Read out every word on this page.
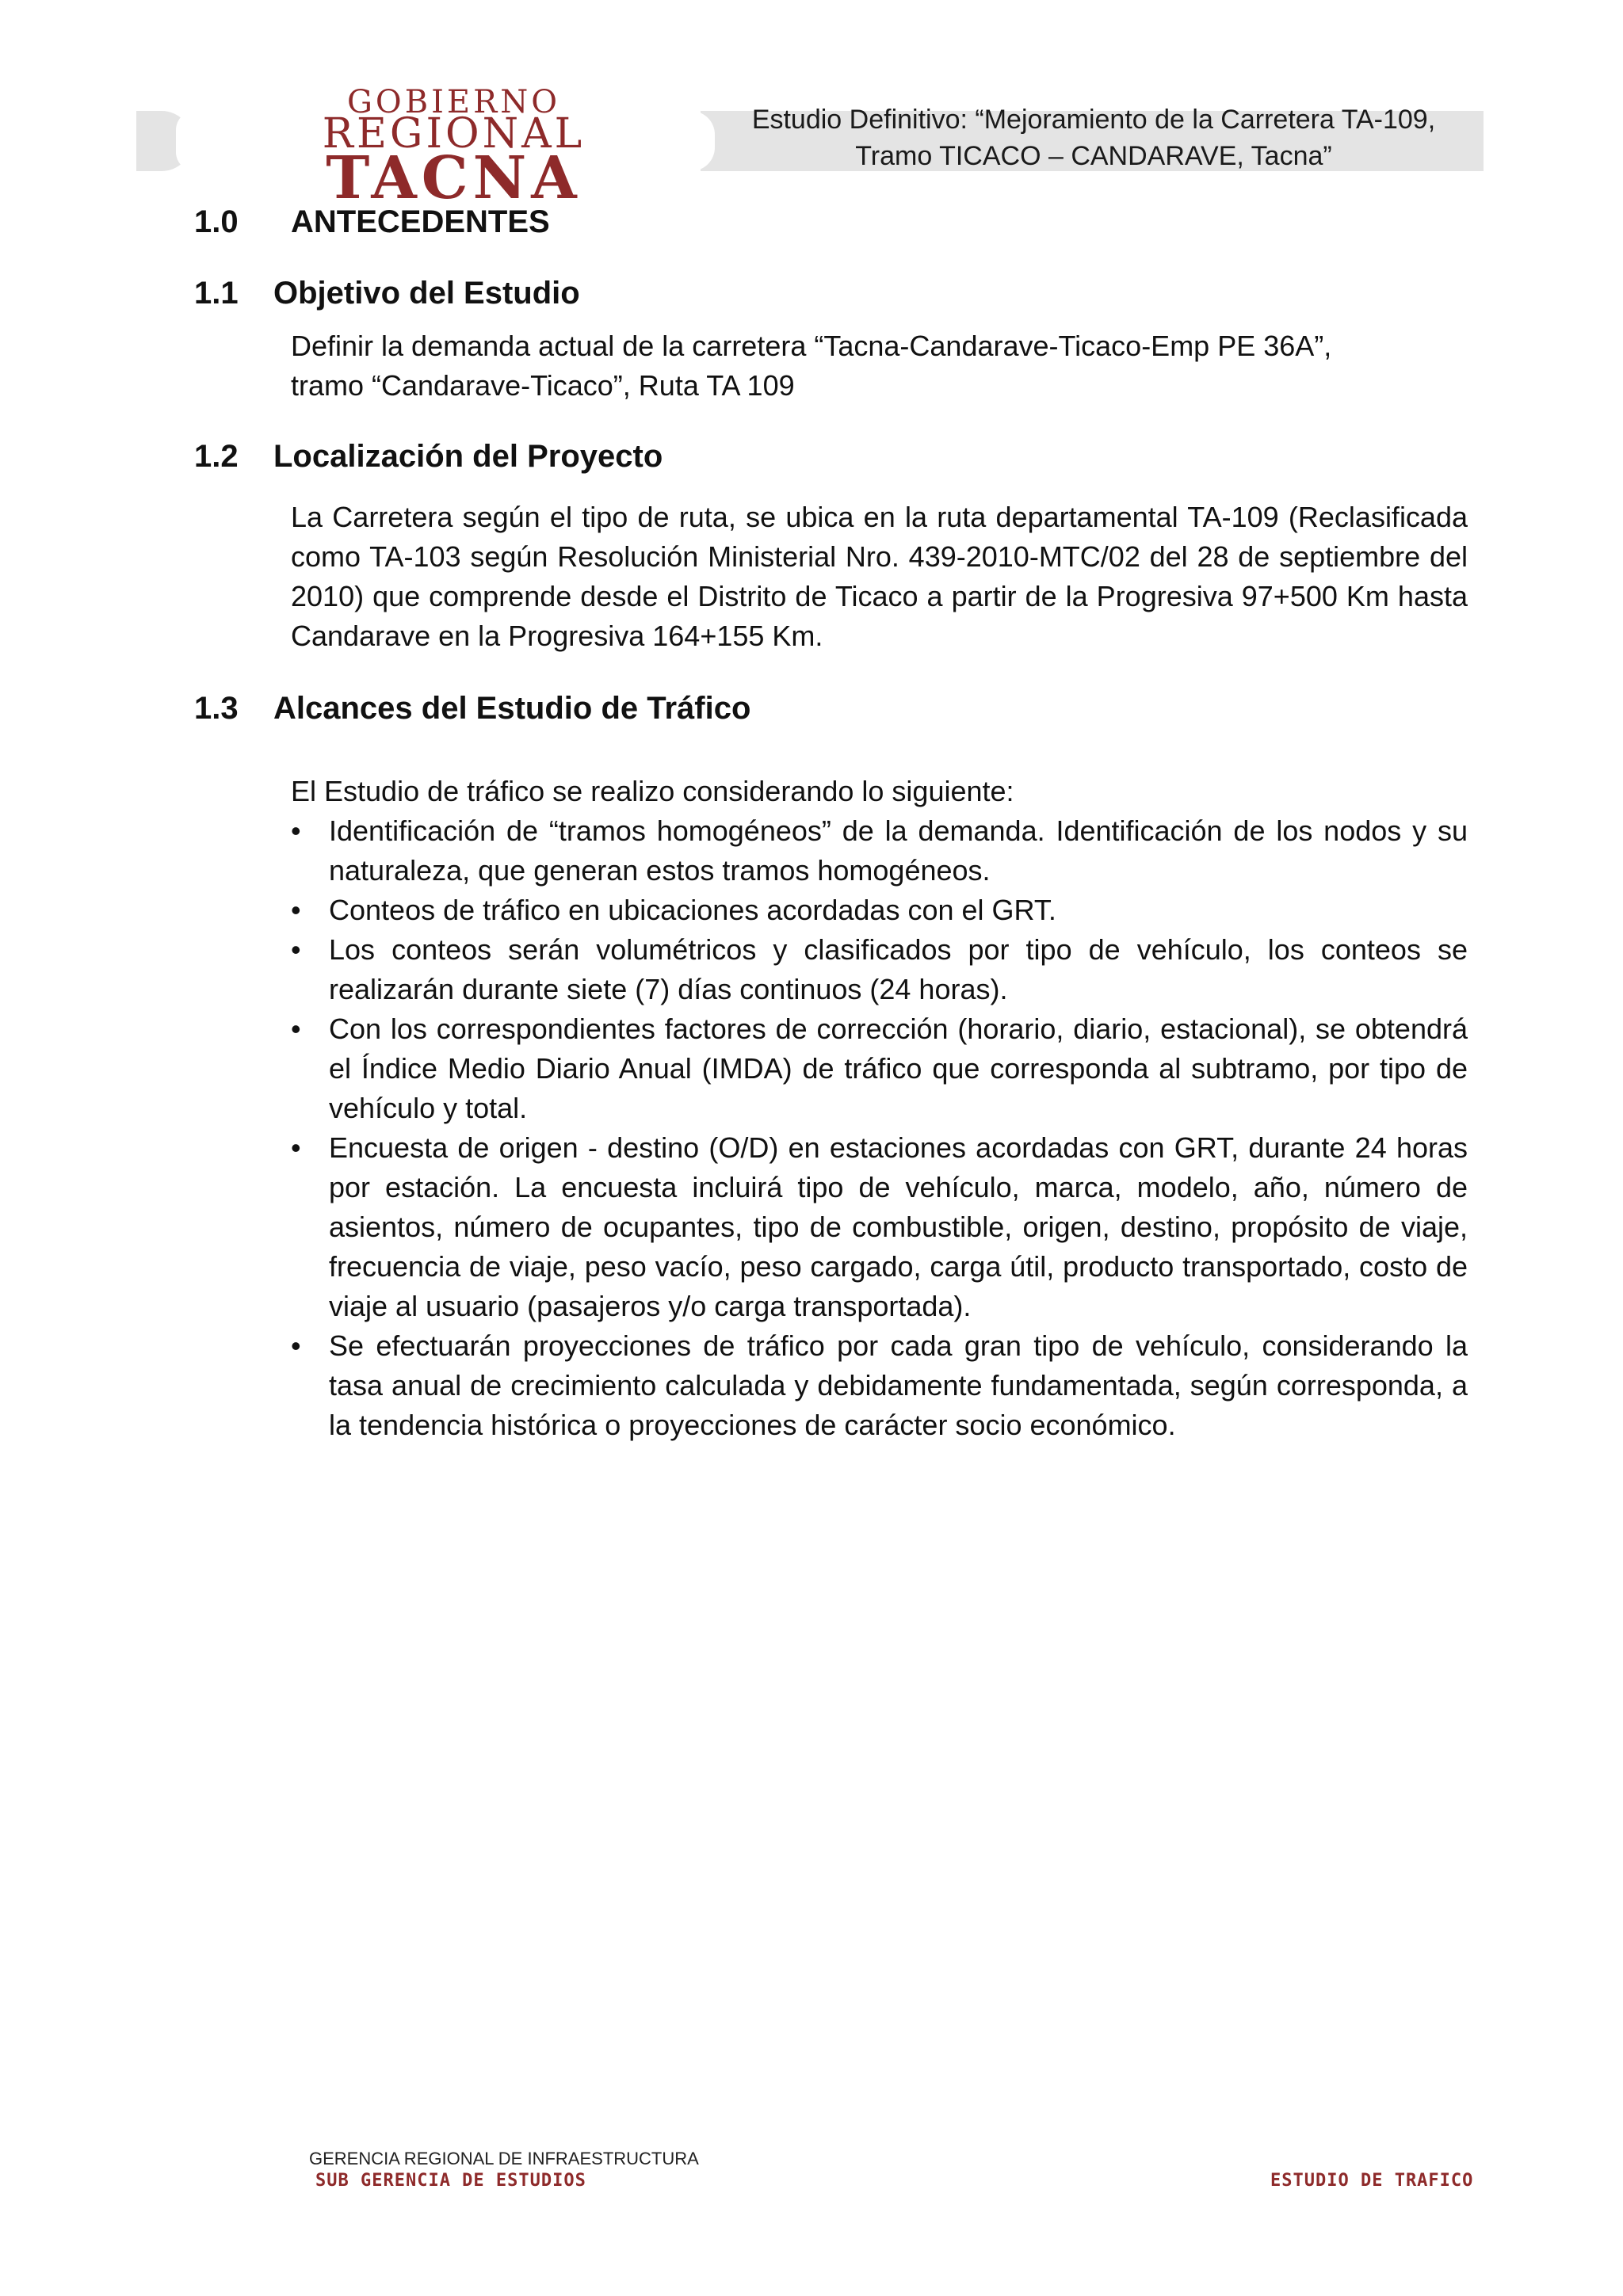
GOBIERNO
REGIONAL
TACNA
Estudio Definitivo: “Mejoramiento de la Carretera TA-109,
Tramo TICACO – CANDARAVE, Tacna”
1.0 ANTECEDENTES
1.1 Objetivo del Estudio

Definir la demanda actual de la carretera “Tacna-Candarave-Ticaco-Emp PE 36A”,

tramo “Candarave-Ticaco”, Ruta TA 109

1.2 Localización del Proyecto

La Carretera según el tipo de ruta, se ubica en la ruta departamental TA-109 (Reclasificada como TA-103 según Resolución Ministerial Nro. 439-2010-MTC/02 del 28 de septiembre del 2010) que comprende desde el Distrito de Ticaco a partir de la Progresiva 97+500 Km hasta Candarave en la Progresiva 164+155 Km.

1.3 Alcances del Estudio de Tráfico

El Estudio de tráfico se realizo considerando lo siguiente:

• Identificación de “tramos homogéneos” de la demanda. Identificación de los nodos y su naturaleza, que generan estos tramos homogéneos.
• Conteos de tráfico en ubicaciones acordadas con el GRT.
• Los conteos serán volumétricos y clasificados por tipo de vehículo, los conteos se realizarán durante siete (7) días continuos (24 horas).
• Con los correspondientes factores de corrección (horario, diario, estacional), se obtendrá el Índice Medio Diario Anual (IMDA) de tráfico que corresponda al subtramo, por tipo de vehículo y total.
• Encuesta de origen - destino (O/D) en estaciones acordadas con GRT, durante 24 horas por estación. La encuesta incluirá tipo de vehículo, marca, modelo, año, número de asientos, número de ocupantes, tipo de combustible, origen, destino, propósito de viaje, frecuencia de viaje, peso vacío, peso cargado, carga útil, producto transportado, costo de viaje al usuario (pasajeros y/o carga transportada).
• Se efectuarán proyecciones de tráfico por cada gran tipo de vehículo, considerando la tasa anual de crecimiento calculada y debidamente fundamentada, según corresponda, a la tendencia histórica o proyecciones de carácter socio económico.
GERENCIA REGIONAL DE INFRAESTRUCTURA
SUB GERENCIA DE ESTUDIOS	ESTUDIO DE TRAFICO
